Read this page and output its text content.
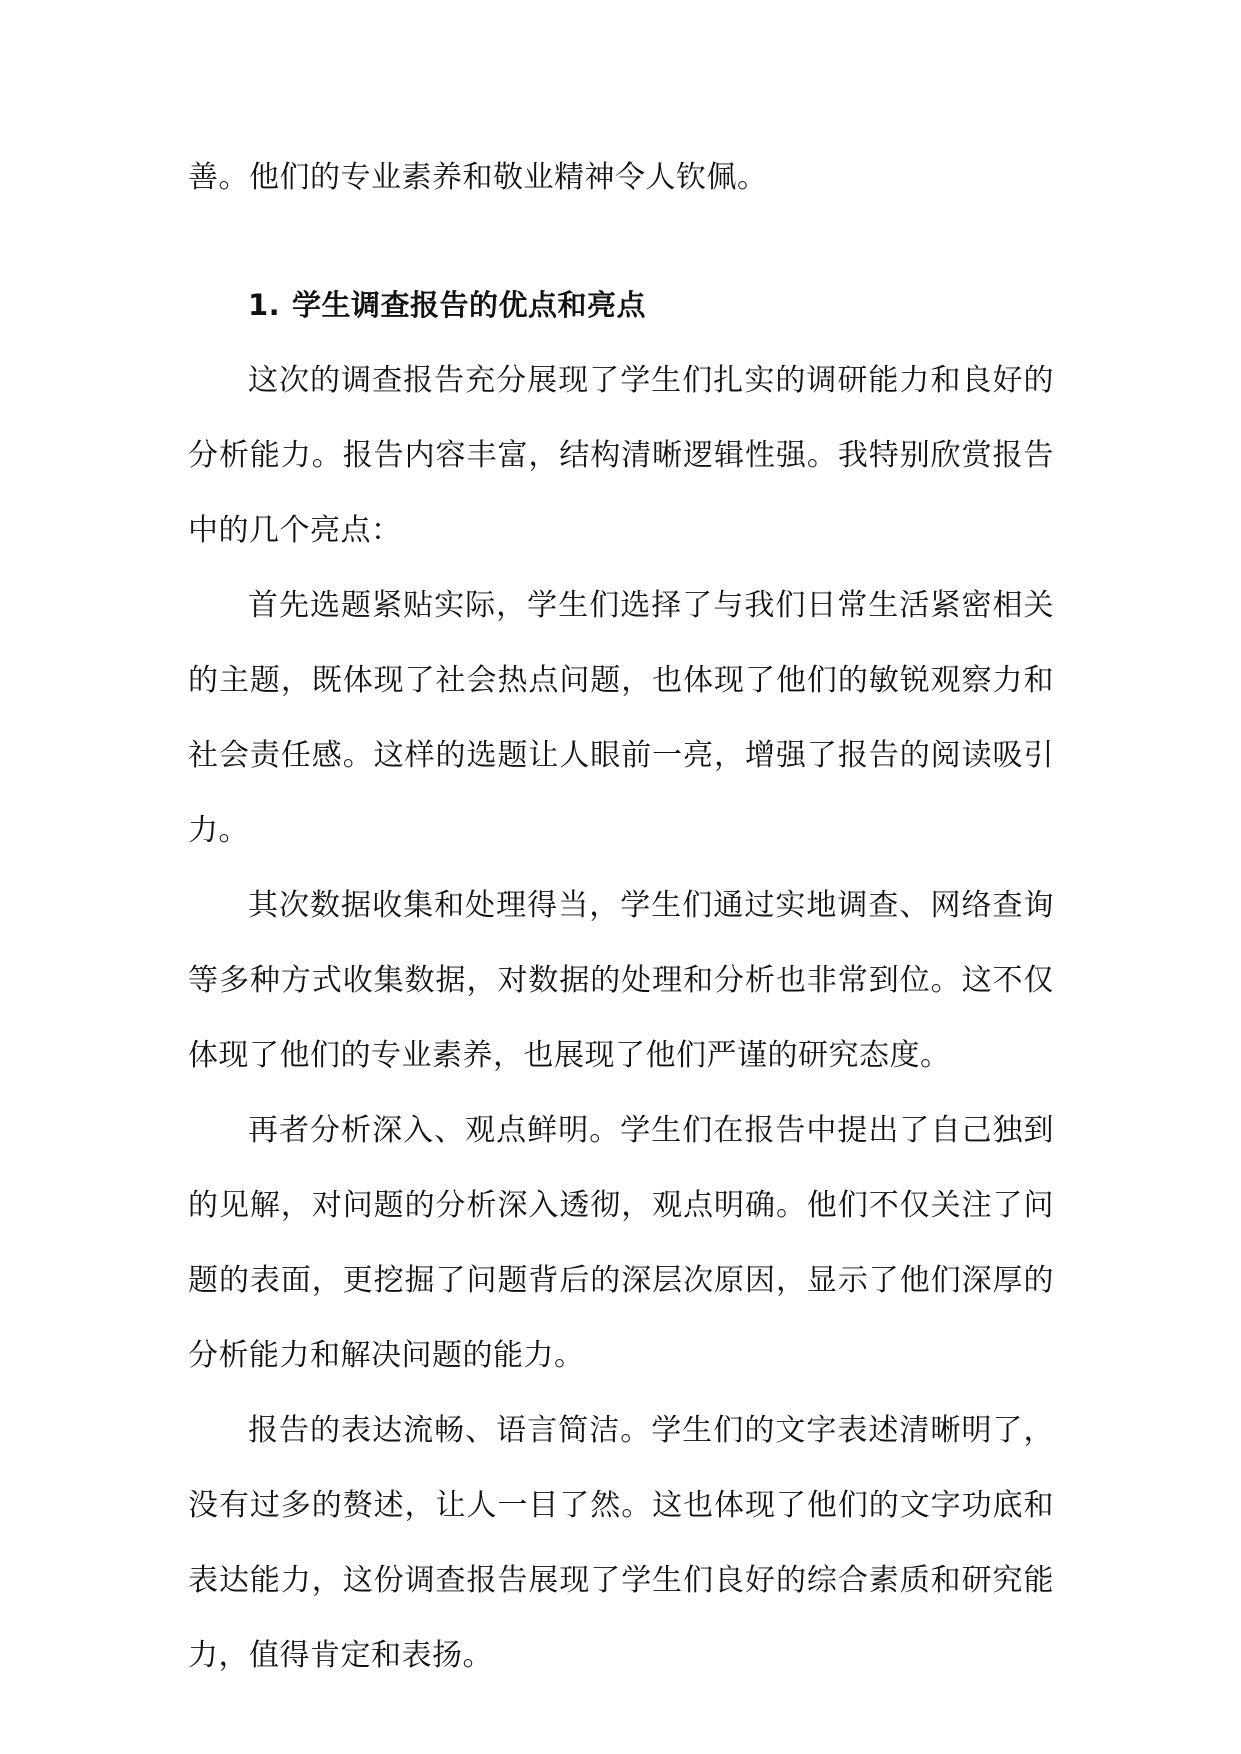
善。他们的专业素养和敬业精神令人钦佩。

1. 学生调查报告的优点和亮点

这次的调查报告充分展现了学生们扎实的调研能力和良好的分析能力。报告内容丰富，结构清晰逻辑性强。我特别欣赏报告中的几个亮点：

首先选题紧贴实际，学生们选择了与我们日常生活紧密相关的主题，既体现了社会热点问题，也体现了他们的敏锐观察力和社会责任感。这样的选题让人眼前一亮，增强了报告的阅读吸引力。

其次数据收集和处理得当，学生们通过实地调查、网络查询等多种方式收集数据，对数据的处理和分析也非常到位。这不仅体现了他们的专业素养，也展现了他们严谨的研究态度。

再者分析深入、观点鲜明。学生们在报告中提出了自己独到的见解，对问题的分析深入透彻，观点明确。他们不仅关注了问题的表面，更挖掘了问题背后的深层次原因，显示了他们深厚的分析能力和解决问题的能力。

报告的表达流畅、语言简洁。学生们的文字表述清晰明了，没有过多的赘述，让人一目了然。这也体现了他们的文字功底和表达能力，这份调查报告展现了学生们良好的综合素质和研究能力，值得肯定和表扬。
